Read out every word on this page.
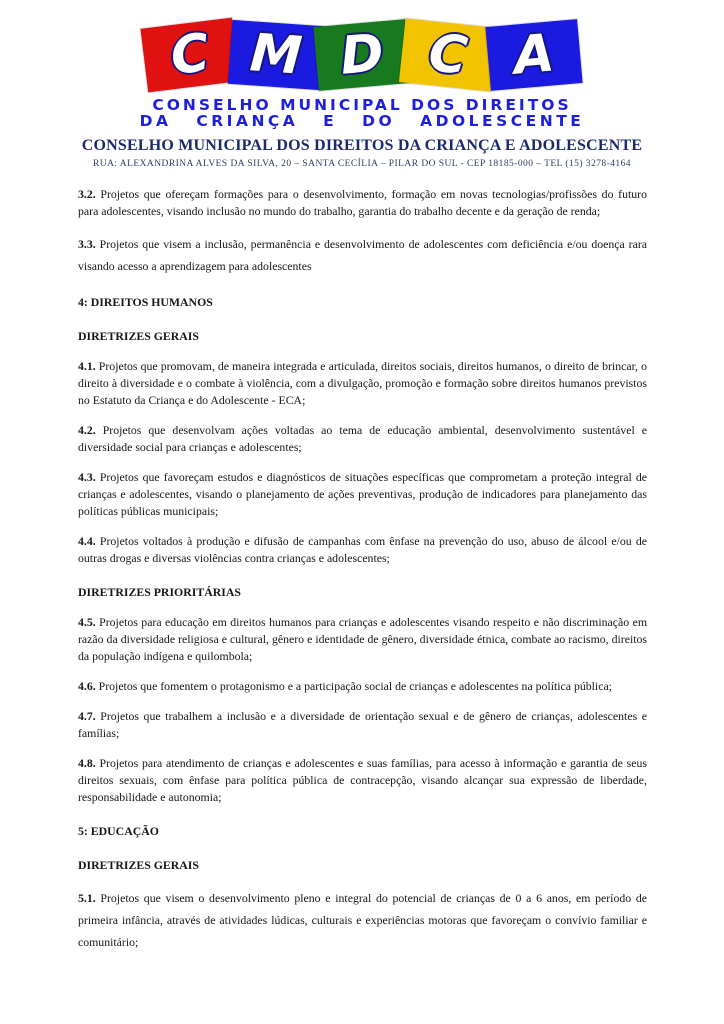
C M D C A
CONSELHO MUNICIPAL DOS DIREITOS
DA CRIANÇA E DO ADOLESCENTE
CONSELHO MUNICIPAL DOS DIREITOS DA CRIANÇA E ADOLESCENTE
RUA: ALEXANDRINA ALVES DA SILVA, 20 – SANTA CECÍLIA – PILAR DO SUL - CEP 18185-000 – TEL (15) 3278-4164

3.2. Projetos que ofereçam formações para o desenvolvimento, formação em novas tecnologias/profissões do futuro para adolescentes, visando inclusão no mundo do trabalho, garantia do trabalho decente e da geração de renda;

3.3. Projetos que visem a inclusão, permanência e desenvolvimento de adolescentes com deficiência e/ou doença rara visando acesso a aprendizagem para adolescentes

4: DIREITOS HUMANOS

DIRETRIZES GERAIS

4.1. Projetos que promovam, de maneira integrada e articulada, direitos sociais, direitos humanos, o direito de brincar, o direito à diversidade e o combate à violência, com a divulgação, promoção e formação sobre direitos humanos previstos no Estatuto da Criança e do Adolescente - ECA;

4.2. Projetos que desenvolvam ações voltadas ao tema de educação ambiental, desenvolvimento sustentável e diversidade social para crianças e adolescentes;

4.3. Projetos que favoreçam estudos e diagnósticos de situações específicas que comprometam a proteção integral de crianças e adolescentes, visando o planejamento de ações preventivas, produção de indicadores para planejamento das políticas públicas municipais;

4.4. Projetos voltados à produção e difusão de campanhas com ênfase na prevenção do uso, abuso de álcool e/ou de outras drogas e diversas violências contra crianças e adolescentes;

DIRETRIZES PRIORITÁRIAS

4.5. Projetos para educação em direitos humanos para crianças e adolescentes visando respeito e não discriminação em razão da diversidade religiosa e cultural, gênero e identidade de gênero, diversidade étnica, combate ao racismo, direitos da população indígena e quilombola;

4.6. Projetos que fomentem o protagonismo e a participação social de crianças e adolescentes na política pública;

4.7. Projetos que trabalhem a inclusão e a diversidade de orientação sexual e de gênero de crianças, adolescentes e famílias;

4.8. Projetos para atendimento de crianças e adolescentes e suas famílias, para acesso à informação e garantia de seus direitos sexuais, com ênfase para política pública de contracepção, visando alcançar sua expressão de liberdade, responsabilidade e autonomia;

5: EDUCAÇÃO

DIRETRIZES GERAIS

5.1. Projetos que visem o desenvolvimento pleno e integral do potencial de crianças de 0 a 6 anos, em período de primeira infância, através de atividades lúdicas, culturais e experiências motoras que favoreçam o convívio familiar e comunitário;
